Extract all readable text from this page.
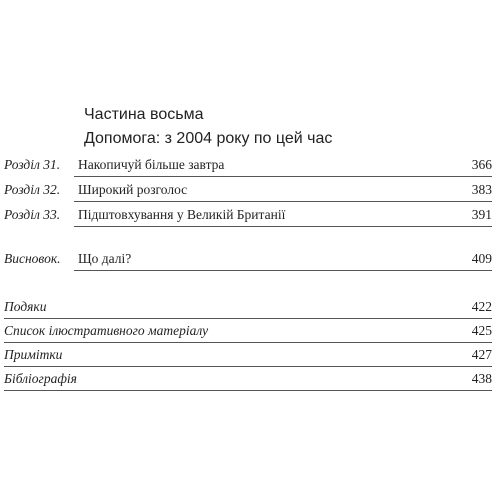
Частина восьма
Допомога: з 2004 року по цей час
Розділ 31. Накопичуй більше завтра	366
Розділ 32. Широкий розголос	383
Розділ 33. Підштовхування у Великій Британії	391
Висновок. Що далі?	409
Подяки	422
Список ілюстративного матеріалу	425
Примітки	427
Бібліографія	438
